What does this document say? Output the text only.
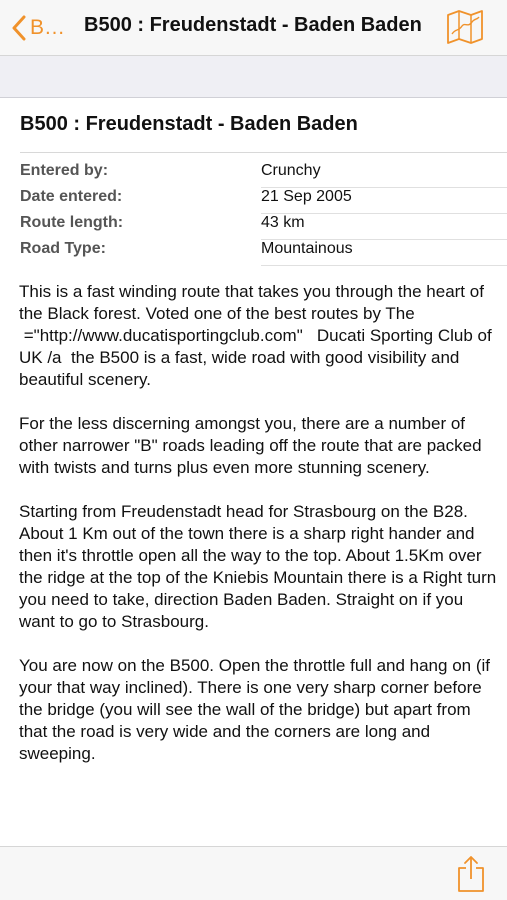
B… B500 : Freudenstadt - Baden Baden
B500 : Freudenstadt - Baden Baden
Entered by:	Crunchy
Date entered:	21 Sep 2005
Route length:	43 km
Road Type:	Mountainous

This is a fast winding route that takes you through the heart of the Black forest. Voted one of the best routes by The
="http://www.ducatisportingclub.com"   Ducati Sporting Club of UK /a  the B500 is a fast, wide road with good visibility and beautiful scenery.

For the less discerning amongst you, there are a number of other narrower "B" roads leading off the route that are packed with twists and turns plus even more stunning scenery.

Starting from Freudenstadt head for Strasbourg on the B28. About 1 Km out of the town there is a sharp right hander and then it's throttle open all the way to the top. About 1.5Km over the ridge at the top of the Kniebis Mountain there is a Right turn you need to take, direction Baden Baden. Straight on if you want to go to Strasbourg.

You are now on the B500. Open the throttle full and hang on (if your that way inclined). There is one very sharp corner before the bridge (you will see the wall of the bridge) but apart from that the road is very wide and the corners are long and sweeping.
